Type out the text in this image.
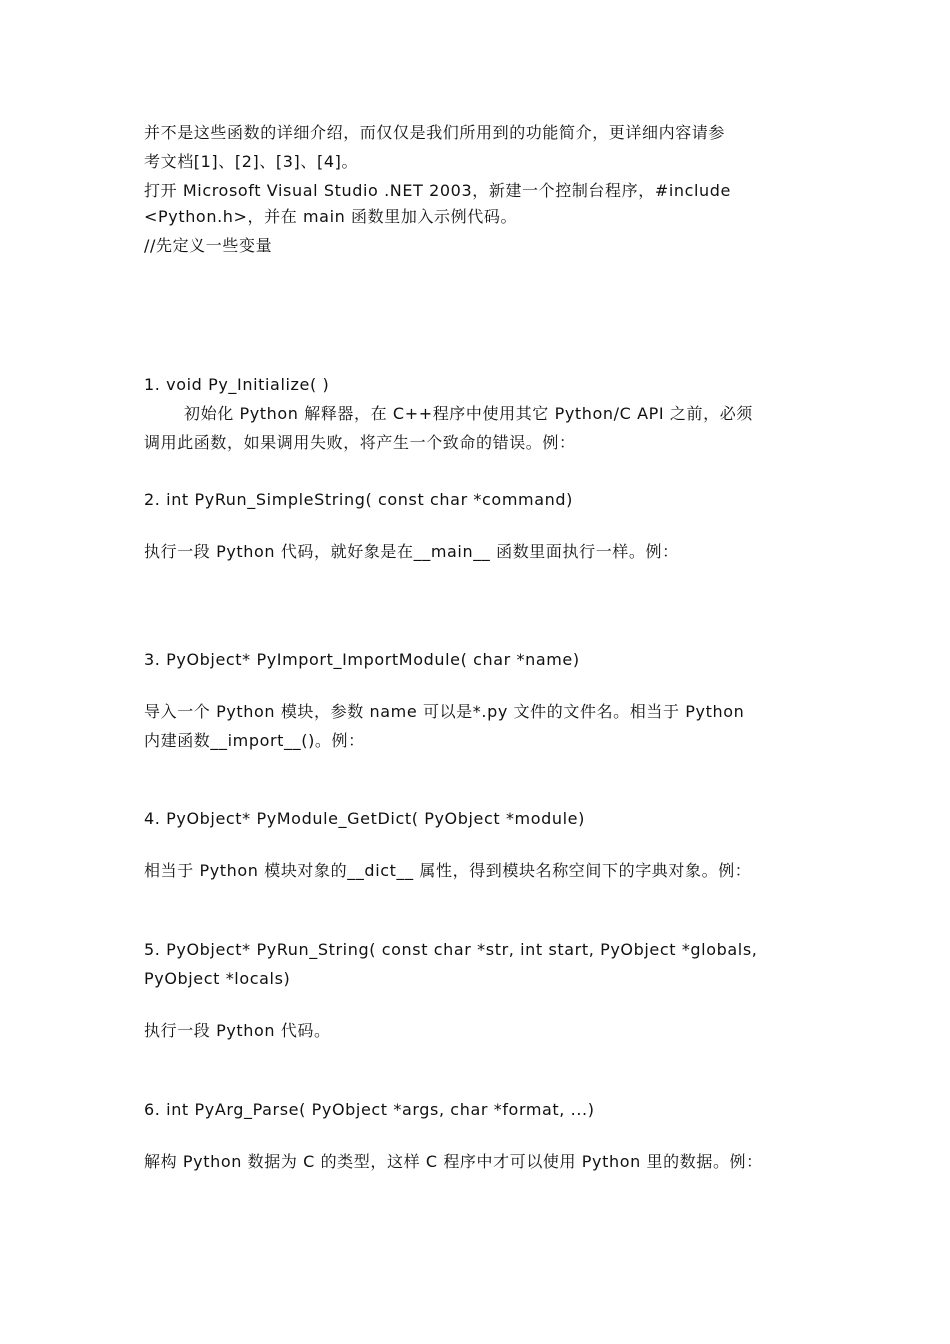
并不是这些函数的详细介绍，而仅仅是我们所用到的功能简介，更详细内容请参
考文档[1]、[2]、[3]、[4]。
打开 Microsoft Visual Studio .NET 2003，新建一个控制台程序，#include
<Python.h>，并在 main 函数里加入示例代码。
//先定义一些变量
1. void Py_Initialize( )
初始化 Python 解释器，在 C++程序中使用其它 Python/C API 之前，必须
调用此函数，如果调用失败，将产生一个致命的错误。例：
2. int PyRun_SimpleString( const char *command)
执行一段 Python 代码，就好象是在__main__ 函数里面执行一样。例：
3. PyObject* PyImport_ImportModule( char *name)
导入一个 Python 模块，参数 name 可以是*.py 文件的文件名。相当于 Python
内建函数__import__()。例：
4. PyObject* PyModule_GetDict( PyObject *module)
相当于 Python 模块对象的__dict__ 属性，得到模块名称空间下的字典对象。例：
5. PyObject* PyRun_String( const char *str, int start, PyObject *globals,
PyObject *locals)
执行一段 Python 代码。
6. int PyArg_Parse( PyObject *args, char *format, ...)
解构 Python 数据为 C 的类型，这样 C 程序中才可以使用 Python 里的数据。例：
